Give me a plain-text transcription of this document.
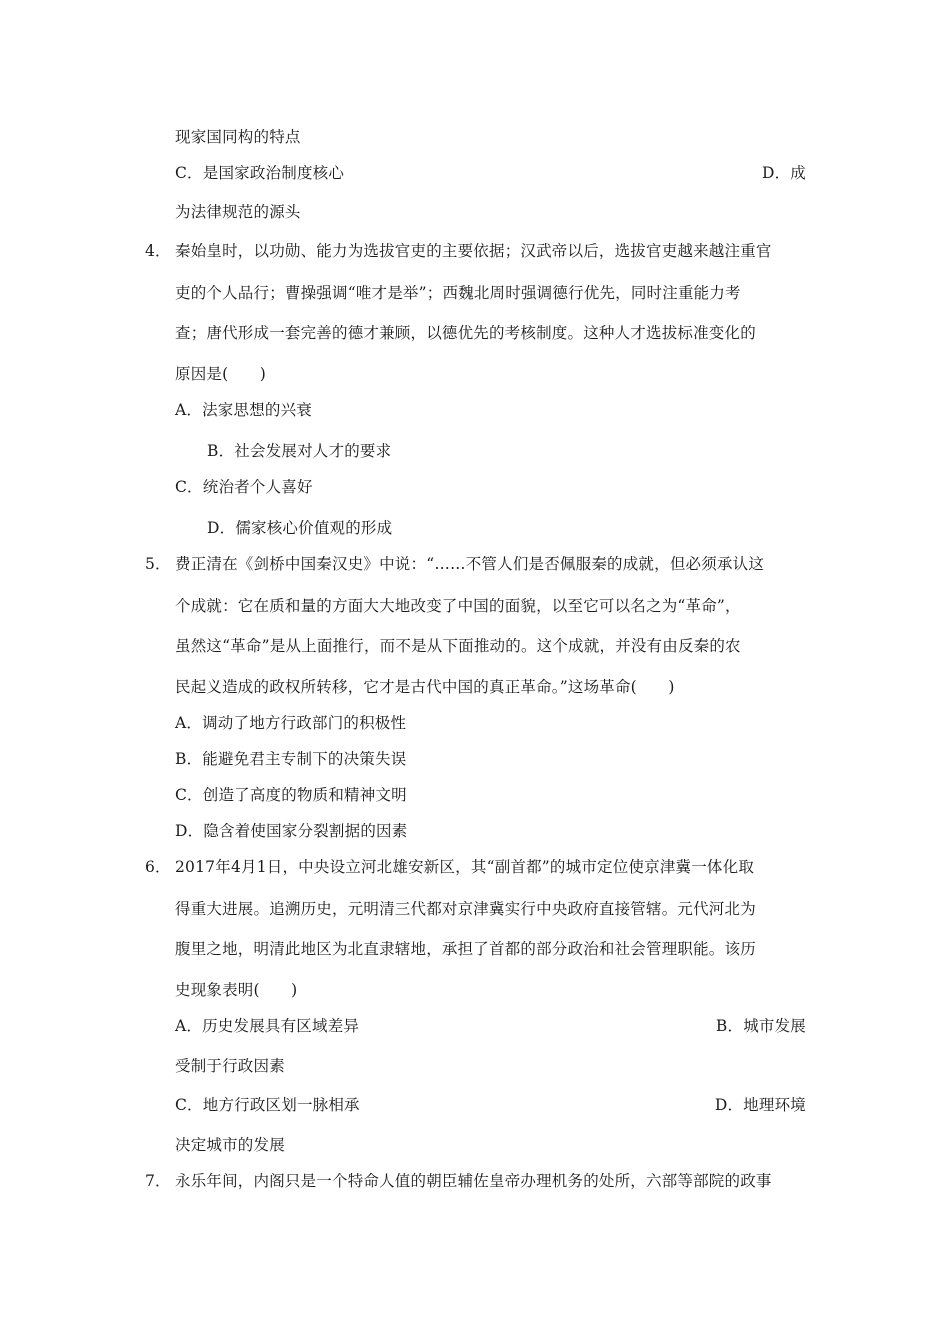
现家国同构的特点
C．是国家政治制度核心	D．成
为法律规范的源头
4． 秦始皇时，以功勋、能力为选拔官吏的主要依据；汉武帝以后，选拔官吏越来越注重官
吏的个人品行；曹操强调“唯才是举”；西魏北周时强调德行优先，同时注重能力考
查；唐代形成一套完善的德才兼顾，以德优先的考核制度。这种人才选拔标准变化的
原因是(　　)
A．法家思想的兴衰
B．社会发展对人才的要求
C．统治者个人喜好
D．儒家核心价值观的形成
5． 费正清在《剑桥中国秦汉史》中说：“……不管人们是否佩服秦的成就，但必须承认这
个成就：它在质和量的方面大大地改变了中国的面貌，以至它可以名之为“革命”，
虽然这“革命”是从上面推行，而不是从下面推动的。这个成就，并没有由反秦的农
民起义造成的政权所转移，它才是古代中国的真正革命。”这场革命(　　)
A．调动了地方行政部门的积极性
B．能避免君主专制下的决策失误
C．创造了高度的物质和精神文明
D．隐含着使国家分裂割据的因素
6． 2017年4月1日，中央设立河北雄安新区，其“副首都”的城市定位使京津冀一体化取
得重大进展。追溯历史，元明清三代都对京津冀实行中央政府直接管辖。元代河北为
腹里之地，明清此地区为北直隶辖地，承担了首都的部分政治和社会管理职能。该历
史现象表明(　　)
A．历史发展具有区域差异	B．城市发展
受制于行政因素
C．地方行政区划一脉相承	D．地理环境
决定城市的发展
7． 永乐年间，内阁只是一个特命人值的朝臣辅佐皇帝办理机务的处所，六部等部院的政事
